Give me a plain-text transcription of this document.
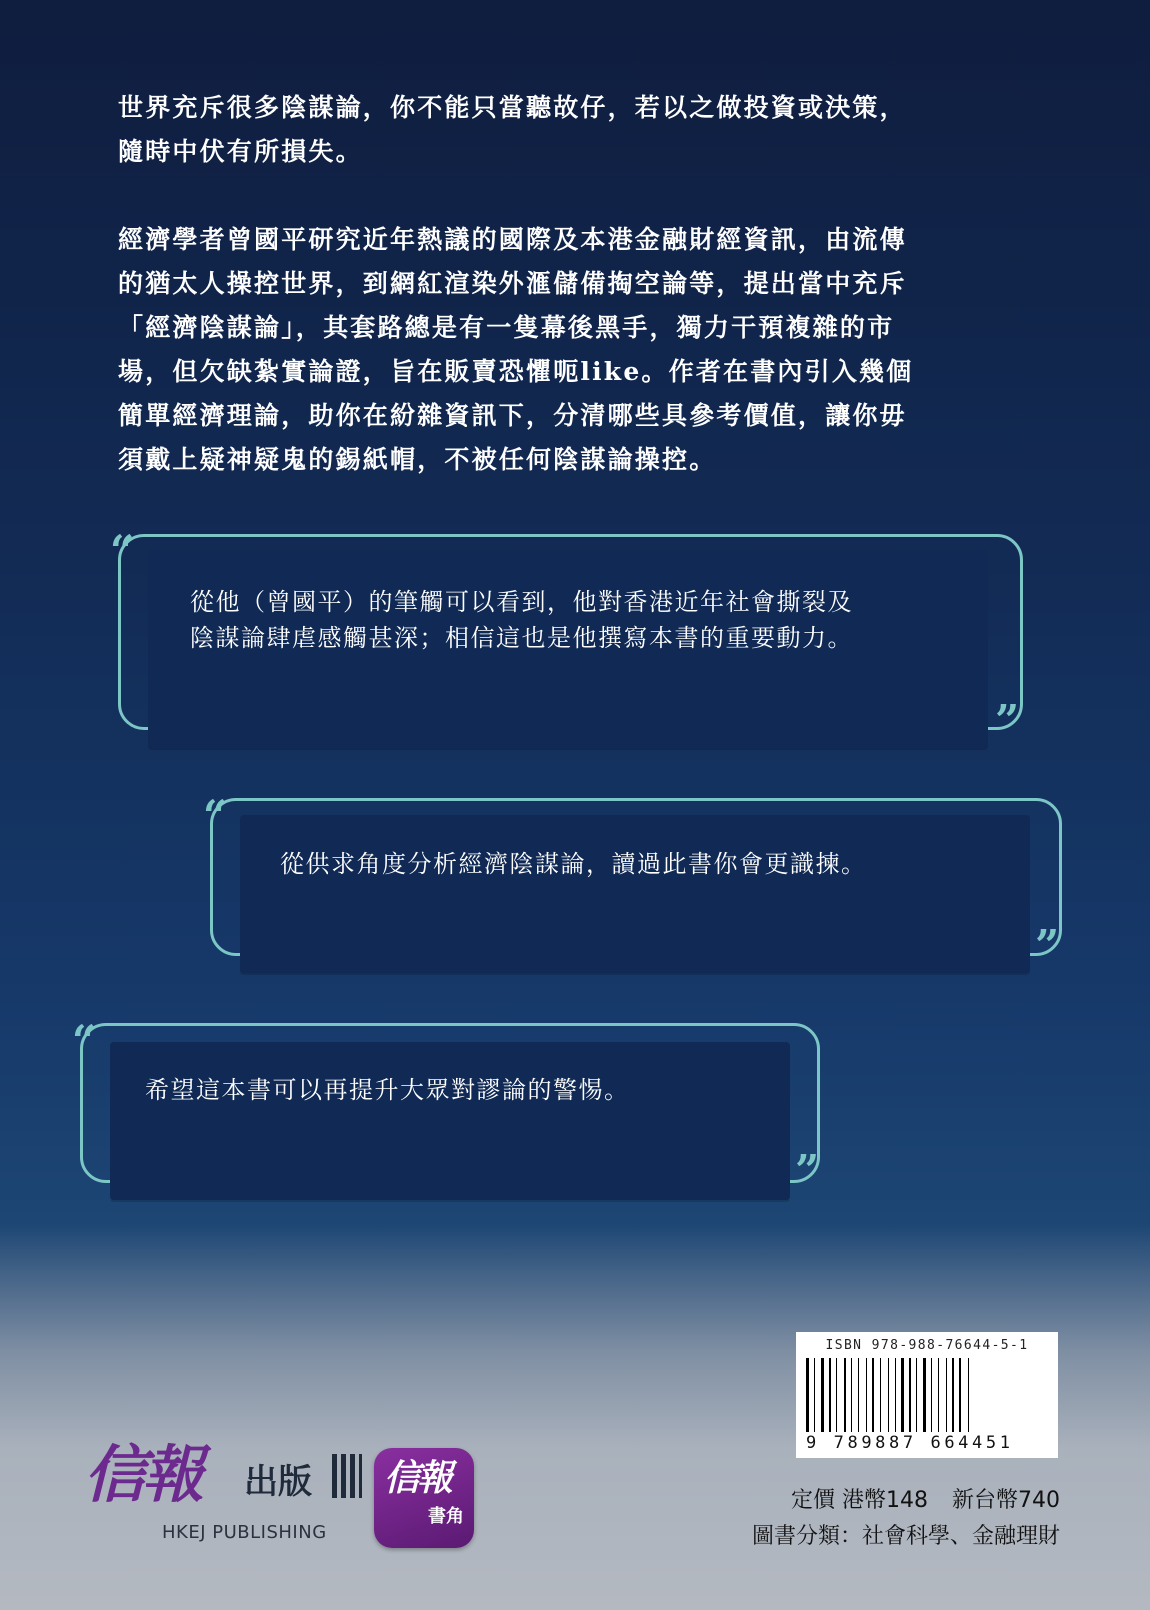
世界充斥很多陰謀論，你不能只當聽故仔，若以之做投資或決策，
隨時中伏有所損失。

經濟學者曾國平研究近年熱議的國際及本港金融財經資訊，由流傳
的猶太人操控世界，到網紅渲染外滙儲備掏空論等，提出當中充斥
「經濟陰謀論」，其套路總是有一隻幕後黑手，獨力干預複雜的市
場，但欠缺紮實論證，旨在販賣恐懼呃like。作者在書內引入幾個
簡單經濟理論，助你在紛雜資訊下，分清哪些具參考價值，讓你毋
須戴上疑神疑鬼的錫紙帽，不被任何陰謀論操控。

“
”
從他（曾國平）的筆觸可以看到，他對香港近年社會撕裂及
陰謀論肆虐感觸甚深；相信這也是他撰寫本書的重要動力。
“
”
從供求角度分析經濟陰謀論，讀過此書你會更識揀。
“
”
希望這本書可以再提升大眾對謬論的警惕。
ISBN 978-988-76644-5-1
9 789887 664451
信報 出版
HKEJ PUBLISHING
信報
書角
定價 港幣148 新台幣740
圖書分類：社會科學、金融理財
